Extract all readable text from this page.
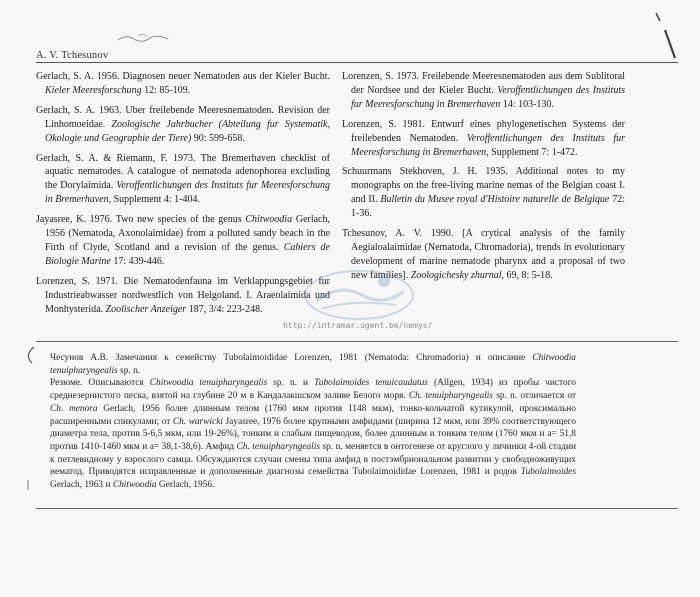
A. V. Tchesunov

Gerlach, S. A. 1956. Diagnosen neuer Nematoden aus der Kieler Bucht. Kieler Meeresforschung 12: 85-109.

Gerlach, S. A. 1963. Uber freilebende Meeresnematoden. Revision der Linhomoeidae. Zoologische Jahrbucher (Abteilung fur Systematik, Okologie und Geographie der Tiere) 90: 599-658.

Gerlach, S. A. & Riemann, F. 1973. The Bremerhaven checklist of aquatic nematodes. A catalogue of nematoda adenophorea excluding the Dorylaimida. Veroffentlichungen des Instituts fur Meeresforschung in Bremerhaven, Supplement 4: 1-404.

Jayasree, K. 1976. Two new species of the genus Chitwoodia Gerlach, 1956 (Nematoda, Axonolaimidae) from a polluted sandy beach in the Firth of Clyde, Scotland and a revision of the genus. Cahiers de Biologie Marine 17: 439-446.

Lorenzen, S. 1971. Die Nematodenfauna im Verklappungsgebiet fur Industrieabwasser nordwestlich von Helgoland. I. Araeolaimida und Monhysterida. Zoolischer Anzeiger 187, 3/4: 223-248.

Lorenzen, S. 1973. Freilebende Meeresnematoden aus dem Sublitoral der Nordsee und der Kieler Bucht. Veroffentlichungen des Instituts fur Meeresforschung in Bremerhaven 14: 103-130.

Lorenzen, S. 1981. Entwurf eines phylogenetischen Systems der freilebenden Nematoden. Veroffentlichungen des Instituts fur Meeresforschung in Bremerhaven, Supplement 7: 1-472.

Schuurmans Stekhoven, J. H. 1935. Additional notes to my monographs on the free-living marine nemas of the Belgian coast I. and II. Bulletin du Musee royal d'Histoire naturelle de Belgique 72: 1-36.

Tchesunov, A. V. 1990. [A crytical analysis of the family Aegialoalaimidae (Nematoda, Chromadoria), trends in evolutionary development of marine nematode pharynx and a proposal of two new families]. Zoologichesky zhurnal, 69, 8: 5-18.

http://intramar.ugent.be/nemys/

Чесунов А.В. Замечания к семейству Tubolaimoididae Lorenzen, 1981 (Nematoda: Chromadoria) и описание Chitwoodia tenuipharyngealis sp. n.

Резюме. Описываются Chitwoodia tenuipharyngealis sp. n. и Tubolaimoides tenuicaudatus (Allgen, 1934) из пробы чистого среднезернистого песка, взятой на глубине 20 м в Кандалакшском заливе Белого моря. Ch. tenuipharyngealis sp. n. отличается от Ch. menora Gerlach, 1956 более длинным телом (1760 мкм против 1148 мкм), тонко-кольчатой кутикулой, проксимально расширенными спикулами; от Ch. warwicki Jayasree, 1976 более крупными амфидами (ширина 12 мкм, или 39% соответствующего диаметра тела, против 5-6,5 мкм, или 19-26%), тонким и слабым пищеводом, более длинным и тонким телом (1760 мкм и a= 51,8 против 1410-1460 мкм и a= 38,1-38,6). Амфид Ch. tenuipharyngealis sp. n. меняется в онтогенезе от круглого у личинки 4-ой стадии к петлевидному у взрослого самца. Обсуждаются случаи смены типа амфид в постэмбриональном развитии у свободноживущих нематод. Приводятся исправленные и дополненные диагнозы семейства Tubolaimoididae Lorenzen, 1981 и родов Tubolaimoides Gerlach, 1963 и Chitwoodia Gerlach, 1956.
